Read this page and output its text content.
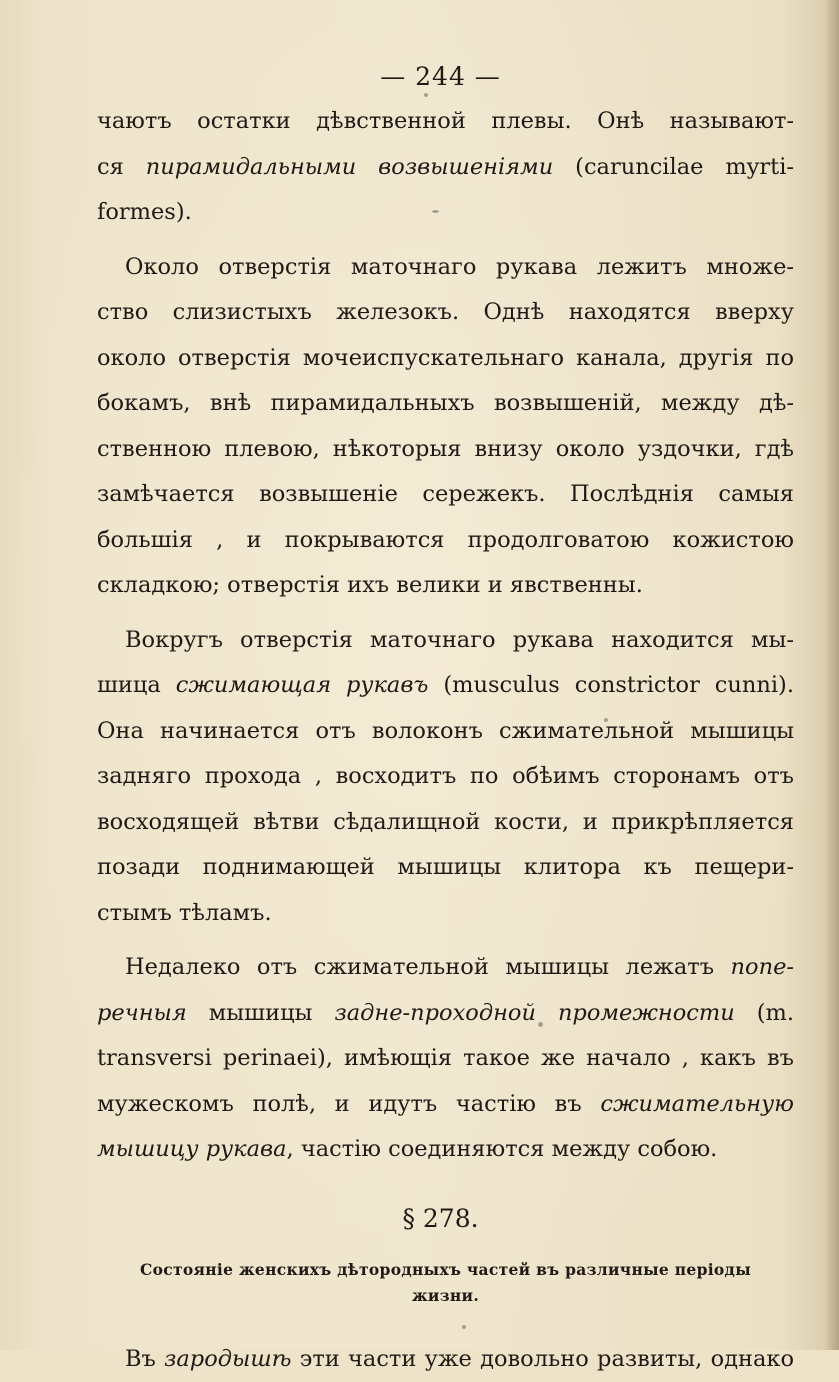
— 244 —

чаютъ остатки дѣвственной плевы. Онѣ называют-
ся пирамидальными возвышеніями (caruncilae myrti-
formes).

Около отверстія маточнаго рукава лежитъ множе-
ство слизистыхъ железокъ. Однѣ находятся вверху
около отверстія мочеиспускательнаго канала, другія по
бокамъ, внѣ пирамидальныхъ возвышеній, между дѣ-
ственною плевою, нѣкоторыя внизу около уздочки, гдѣ
замѣчается возвышеніе сережекъ. Послѣднія самыя
большія , и покрываются продолговатою кожистою
складкою; отверстія ихъ велики и явственны.

Вокругъ отверстія маточнаго рукава находится мы-
шица сжимающая рукавъ (musculus constrictor cunni).
Она начинается отъ волоконъ сжимательной мышицы
задняго прохода , восходитъ по обѣимъ сторонамъ отъ
восходящей вѣтви сѣдалищной кости, и прикрѣпляется
позади поднимающей мышицы клитора къ пещери-
стымъ тѣламъ.

Недалеко отъ сжимательной мышицы лежатъ попе-
речныя мышицы задне-проходной промежности (m.
transversi perinaei), имѣющія такое же начало , какъ въ
мужескомъ полѣ, и идутъ частію въ сжимательную
мышицу рукава, частію соединяются между собою.

§ 278.
Состояніе женскихъ дѣтородныхъ частей въ различные періоды
жизни.

Въ зародышѣ эти части уже довольно развиты, однако
